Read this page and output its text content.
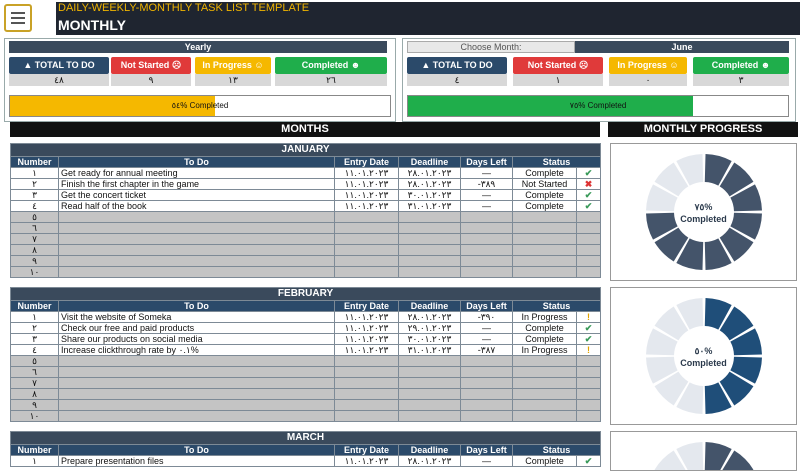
DAILY-WEEKLY-MONTHLY TASK LIST TEMPLATE
MONTHLY
Yearly
▲ TOTAL TO DO	Not Started ☹	In Progress ☺	Completed ☻
٤٨	٩	١٣	٢٦
٥٤% Completed
Choose Month:	June
▲ TOTAL TO DO	Not Started ☹	In Progress ☺	Completed ☻
٤	١	٠	٣
٧٥% Completed
MONTHS	MONTHLY PROGRESS
JANUARY						
Number	To Do	Entry Date	Deadline	Days Left	Status	
١	Get ready for annual meeting	١١.٠١.٢٠٢٣	٢٨.٠١.٢٠٢٣	—	Complete	✔
٢	Finish the first chapter in the game	١١.٠١.٢٠٢٣	٢٨.٠١.٢٠٢٣	-٣٨٩	Not Started	✖
٣	Get the concert ticket	١١.٠١.٢٠٢٣	٣٠.٠١.٢٠٢٣	—	Complete	✔
٤	Read half of the book	١١.٠١.٢٠٢٣	٣١.٠١.٢٠٢٣	—	Complete	✔
٥						
٦						
٧						
٨						
٩						
١٠						
٧٥%
Completed
FEBRUARY						
Number	To Do	Entry Date	Deadline	Days Left	Status	
١	Visit the website of Someka	١١.٠١.٢٠٢٣	٢٨.٠١.٢٠٢٣	-٣٩٠	In Progress	!
٢	Check our free and paid products	١١.٠١.٢٠٢٣	٢٩.٠١.٢٠٢٣	—	Complete	✔
٣	Share our products on social media	١١.٠١.٢٠٢٣	٣٠.٠١.٢٠٢٣	—	Complete	✔
٤	Increase clickthrough rate by ٠.١%	١١.٠١.٢٠٢٣	٣١.٠١.٢٠٢٣	-٣٨٧	In Progress	!
٥						
٦						
٧						
٨						
٩						
١٠						
٥٠%
Completed
MARCH						
Number	To Do	Entry Date	Deadline	Days Left	Status	
١	Prepare presentation files	١١.٠١.٢٠٢٣	٢٨.٠١.٢٠٢٣	—	Complete	✔
